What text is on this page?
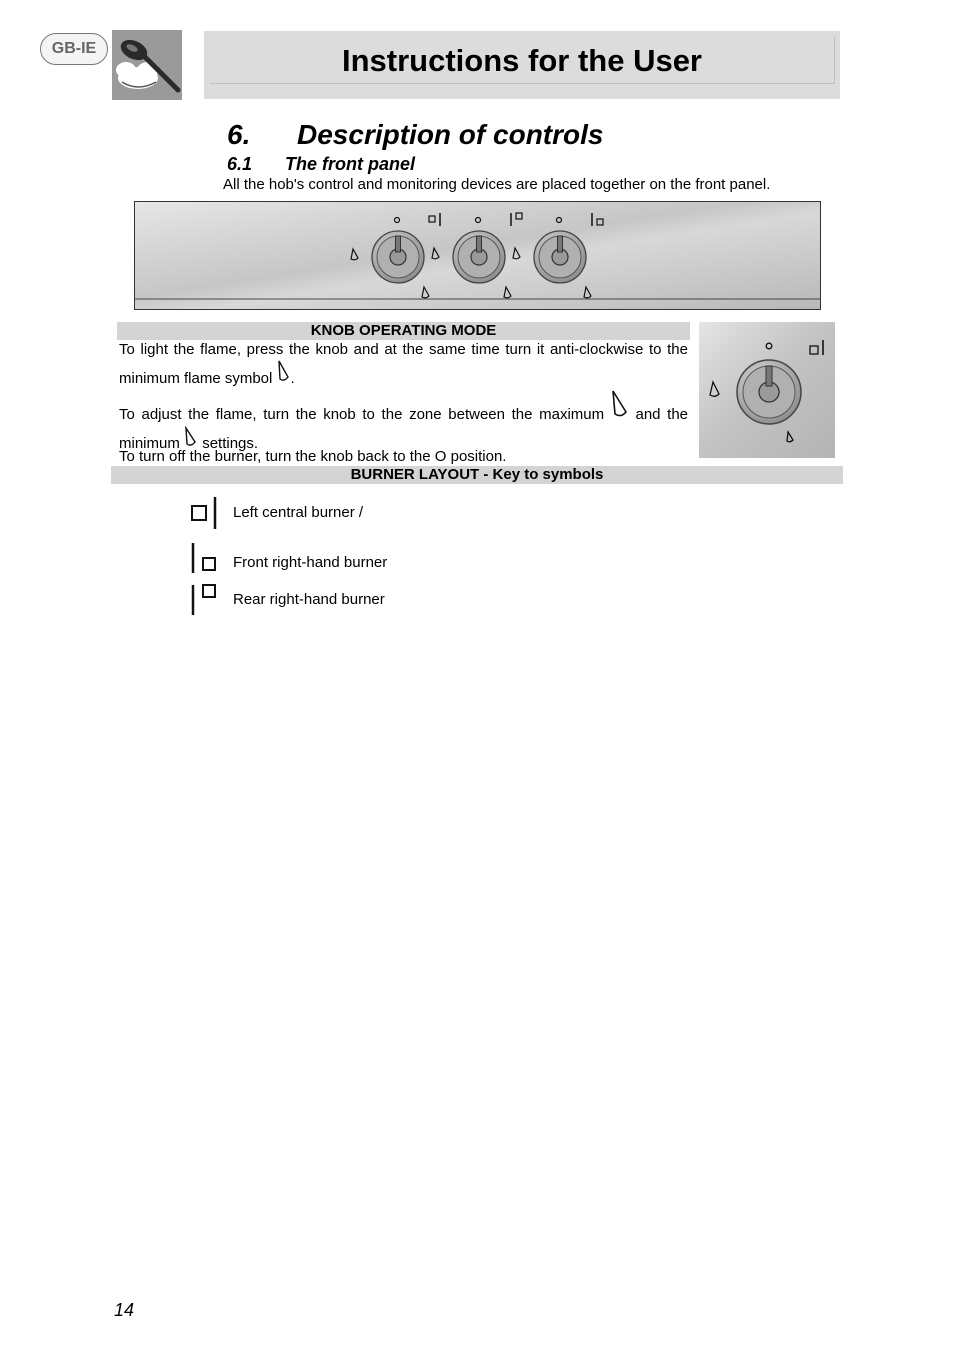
GB-IE	Instructions for the User
6. Description of controls
6.1 The front panel
All the hob's control and monitoring devices are placed together on the front panel.
KNOB OPERATING MODE
To light the flame, press the knob and at the same time turn it anti-clockwise to the minimum flame symbol .
To adjust the flame, turn the knob to the zone between the maximum and the minimum settings.
To turn off the burner, turn the knob back to the O position.
BURNER LAYOUT - Key to symbols
Left central burner /
Front right-hand burner
Rear right-hand burner
14
